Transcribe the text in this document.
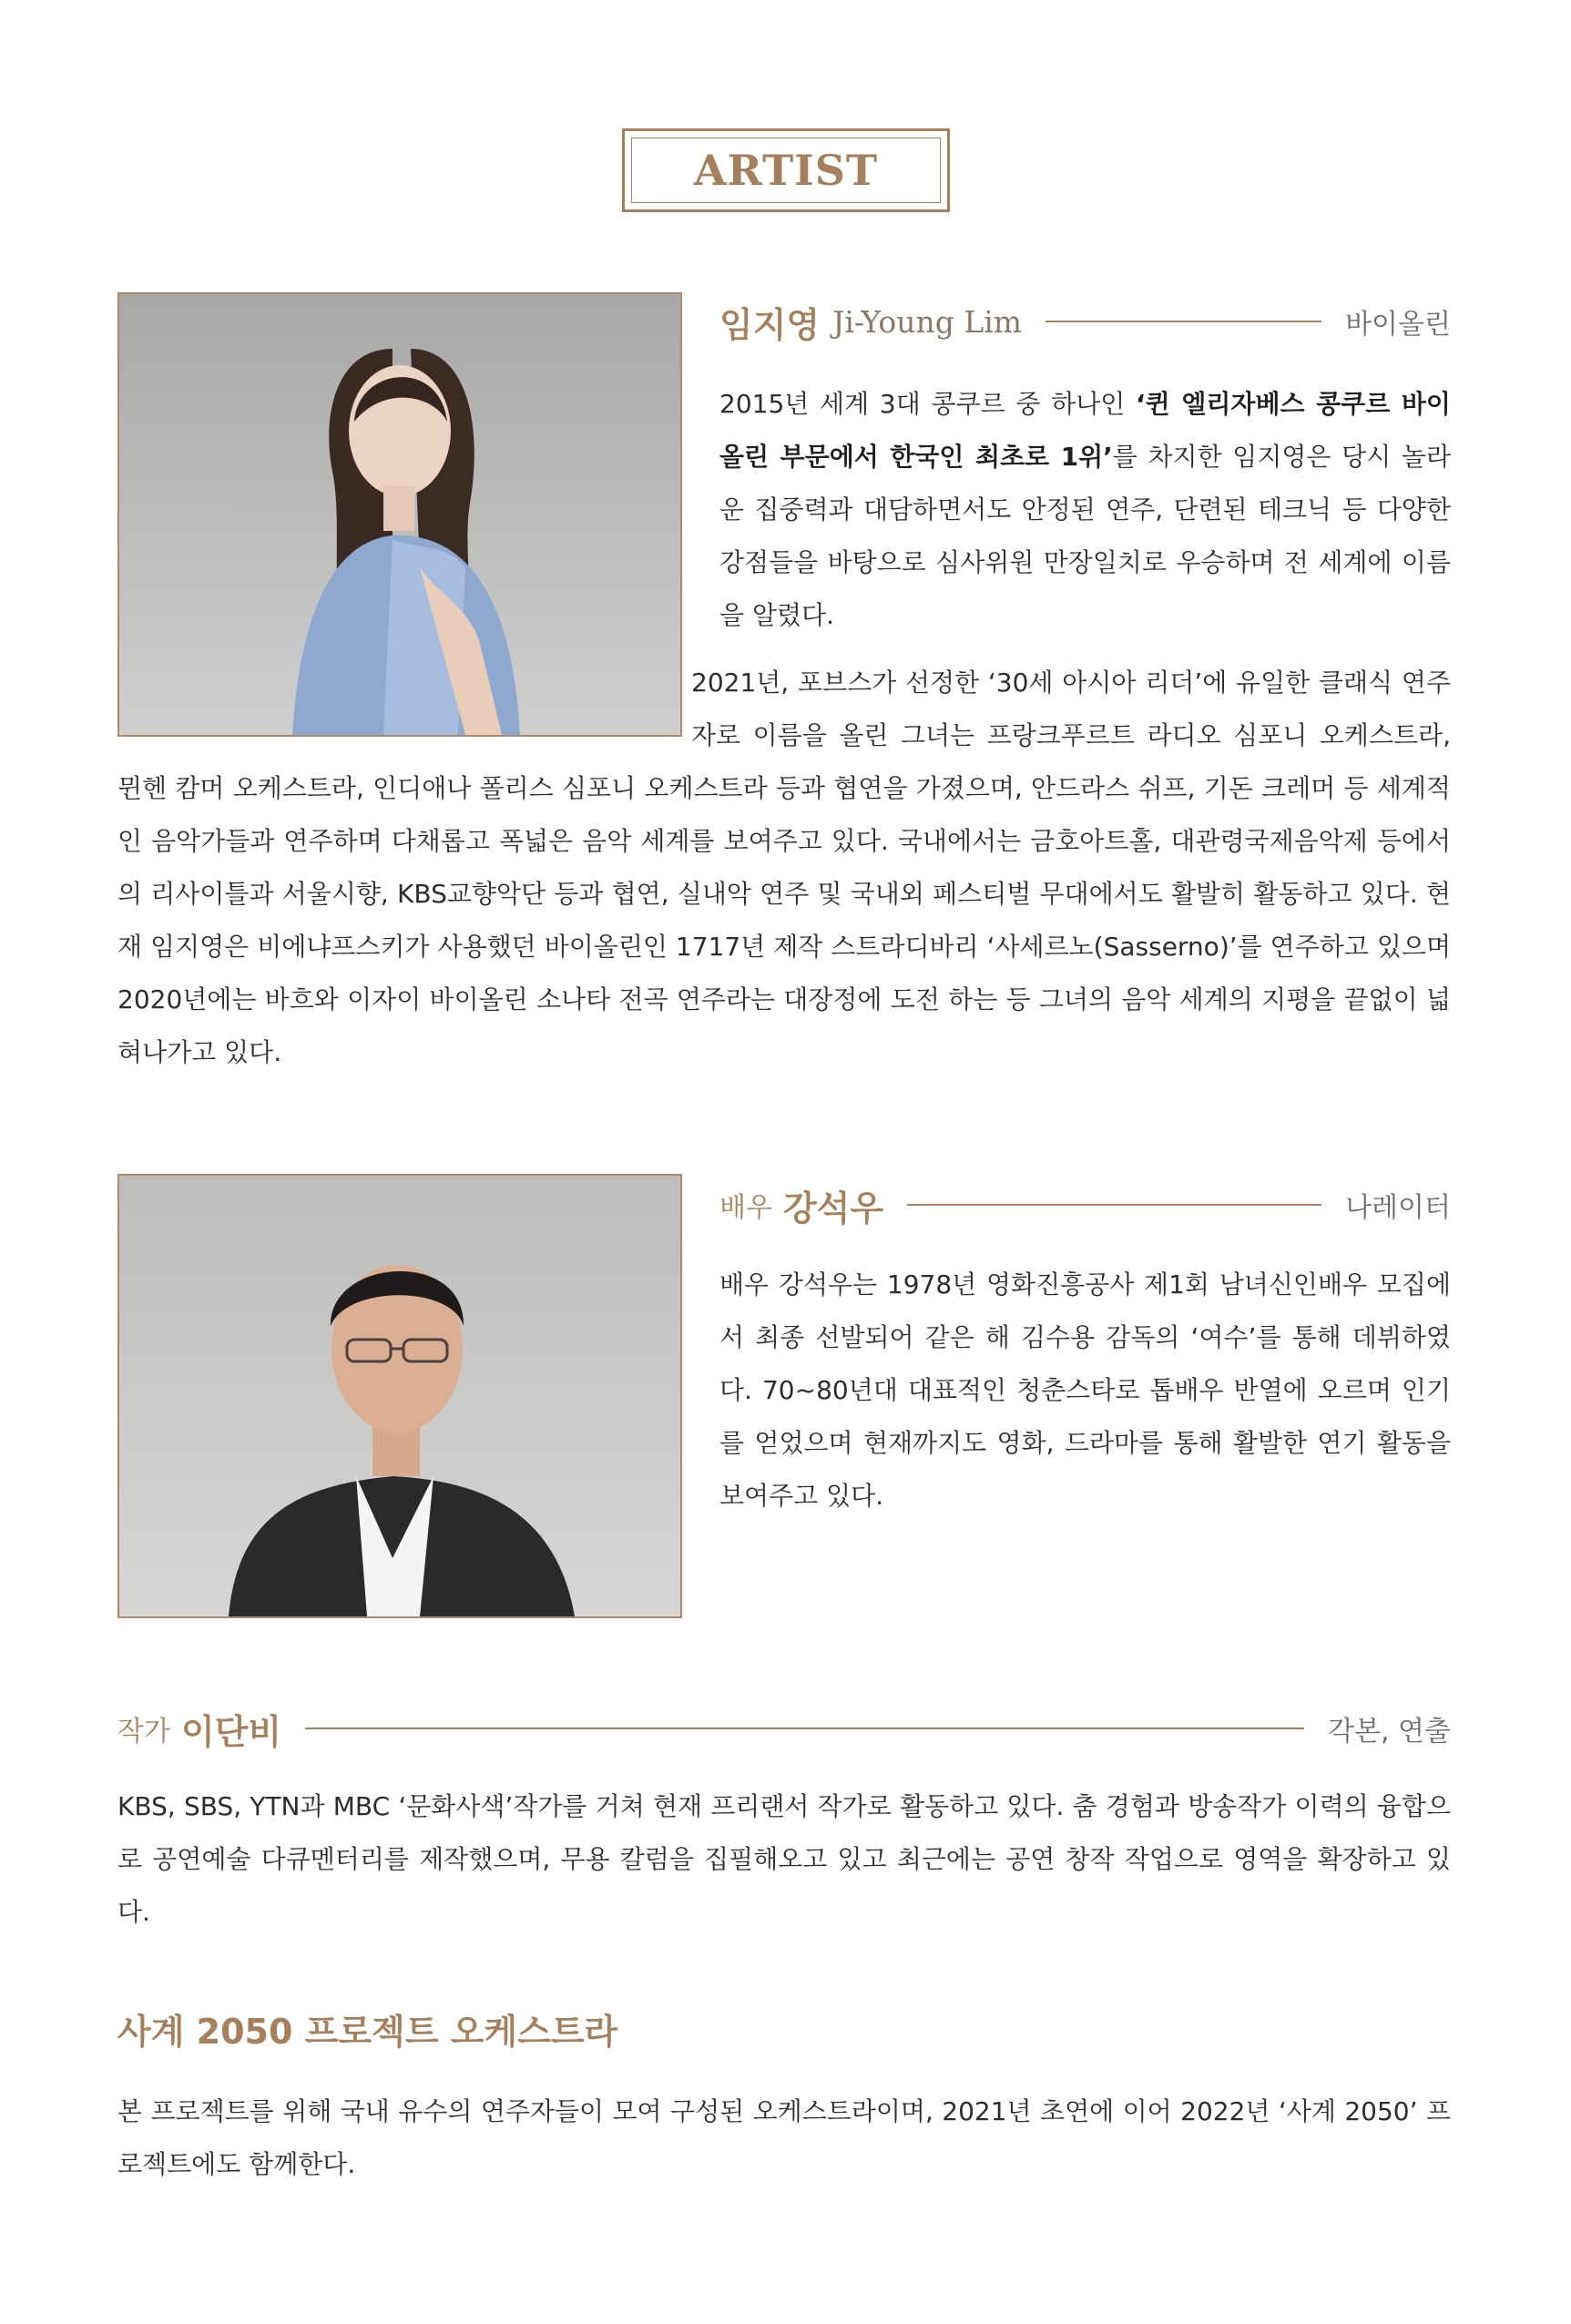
ARTIST
임지영 Ji-Young Lim	바이올린

2015년 세계 3대 콩쿠르 중 하나인 ‘퀸 엘리자베스 콩쿠르 바이올린 부문에서 한국인 최초로 1위’를 차지한 임지영은 당시 놀라운 집중력과 대담하면서도 안정된 연주, 단련된 테크닉 등 다양한 강점들을 바탕으로 심사위원 만장일치로 우승하며 전 세계에 이름을 알렸다.

2021년, 포브스가 선정한 ‘30세 아시아 리더’에 유일한 클래식 연주자로 이름을 올린 그녀는 프랑크푸르트 라디오 심포니 오케스트라, 뮌헨 캄머 오케스트라, 인디애나 폴리스 심포니 오케스트라 등과 협연을 가졌으며, 안드라스 쉬프, 기돈 크레머 등 세계적인 음악가들과 연주하며 다채롭고 폭넓은 음악 세계를 보여주고 있다. 국내에서는 금호아트홀, 대관령국제음악제 등에서의 리사이틀과 서울시향, KBS교향악단 등과 협연, 실내악 연주 및 국내외 페스티벌 무대에서도 활발히 활동하고 있다. 현재 임지영은 비에냐프스키가 사용했던 바이올린인 1717년 제작 스트라디바리 ‘사세르노(Sasserno)’를 연주하고 있으며 2020년에는 바흐와 이자이 바이올린 소나타 전곡 연주라는 대장정에 도전 하는 등 그녀의 음악 세계의 지평을 끝없이 넓혀나가고 있다.

배우 강석우	나레이터

배우 강석우는 1978년 영화진흥공사 제1회 남녀신인배우 모집에서 최종 선발되어 같은 해 김수용 감독의 ‘여수’를 통해 데뷔하였다. 70~80년대 대표적인 청춘스타로 톱배우 반열에 오르며 인기를 얻었으며 현재까지도 영화, 드라마를 통해 활발한 연기 활동을 보여주고 있다.

작가 이단비	각본, 연출

KBS, SBS, YTN과 MBC ‘문화사색’작가를 거쳐 현재 프리랜서 작가로 활동하고 있다. 춤 경험과 방송작가 이력의 융합으로 공연예술 다큐멘터리를 제작했으며, 무용 칼럼을 집필해오고 있고 최근에는 공연 창작 작업으로 영역을 확장하고 있다.

사계 2050 프로젝트 오케스트라

본 프로젝트를 위해 국내 유수의 연주자들이 모여 구성된 오케스트라이며, 2021년 초연에 이어 2022년 ‘사계 2050’ 프로젝트에도 함께한다.
